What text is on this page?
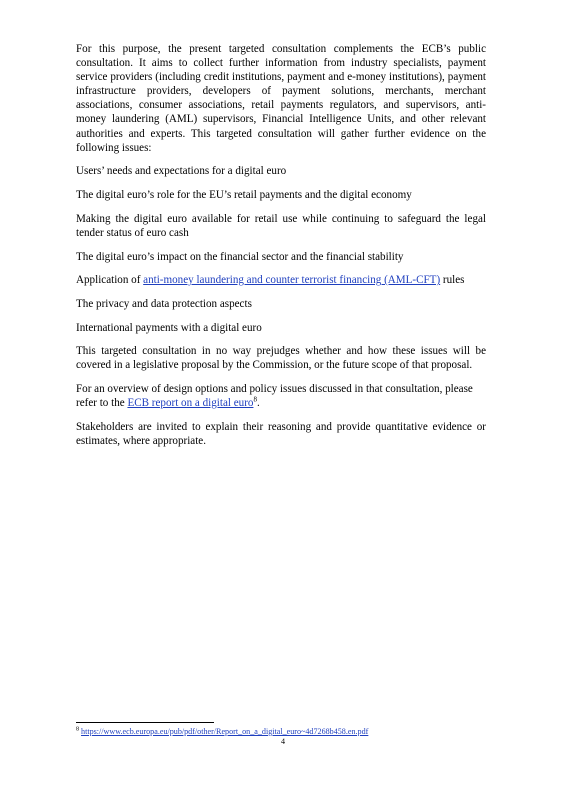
For this purpose, the present targeted consultation complements the ECB’s public consultation. It aims to collect further information from industry specialists, payment service providers (including credit institutions, payment and e-money institutions), payment infrastructure providers, developers of payment solutions, merchants, merchant associations, consumer associations, retail payments regulators, and supervisors, anti-money laundering (AML) supervisors, Financial Intelligence Units, and other relevant authorities and experts. This targeted consultation will gather further evidence on the following issues:

Users’ needs and expectations for a digital euro

The digital euro’s role for the EU’s retail payments and the digital economy

Making the digital euro available for retail use while continuing to safeguard the legal tender status of euro cash

The digital euro’s impact on the financial sector and the financial stability

Application of anti-money laundering and counter terrorist financing (AML-CFT) rules

The privacy and data protection aspects

International payments with a digital euro

This targeted consultation in no way prejudges whether and how these issues will be covered in a legislative proposal by the Commission, or the future scope of that proposal.

For an overview of design options and policy issues discussed in that consultation, please refer to the ECB report on a digital euro$^8$.

Stakeholders are invited to explain their reasoning and provide quantitative evidence or estimates, where appropriate.

$^8$ https://www.ecb.europa.eu/pub/pdf/other/Report_on_a_digital_euro~4d7268b458.en.pdf
4
